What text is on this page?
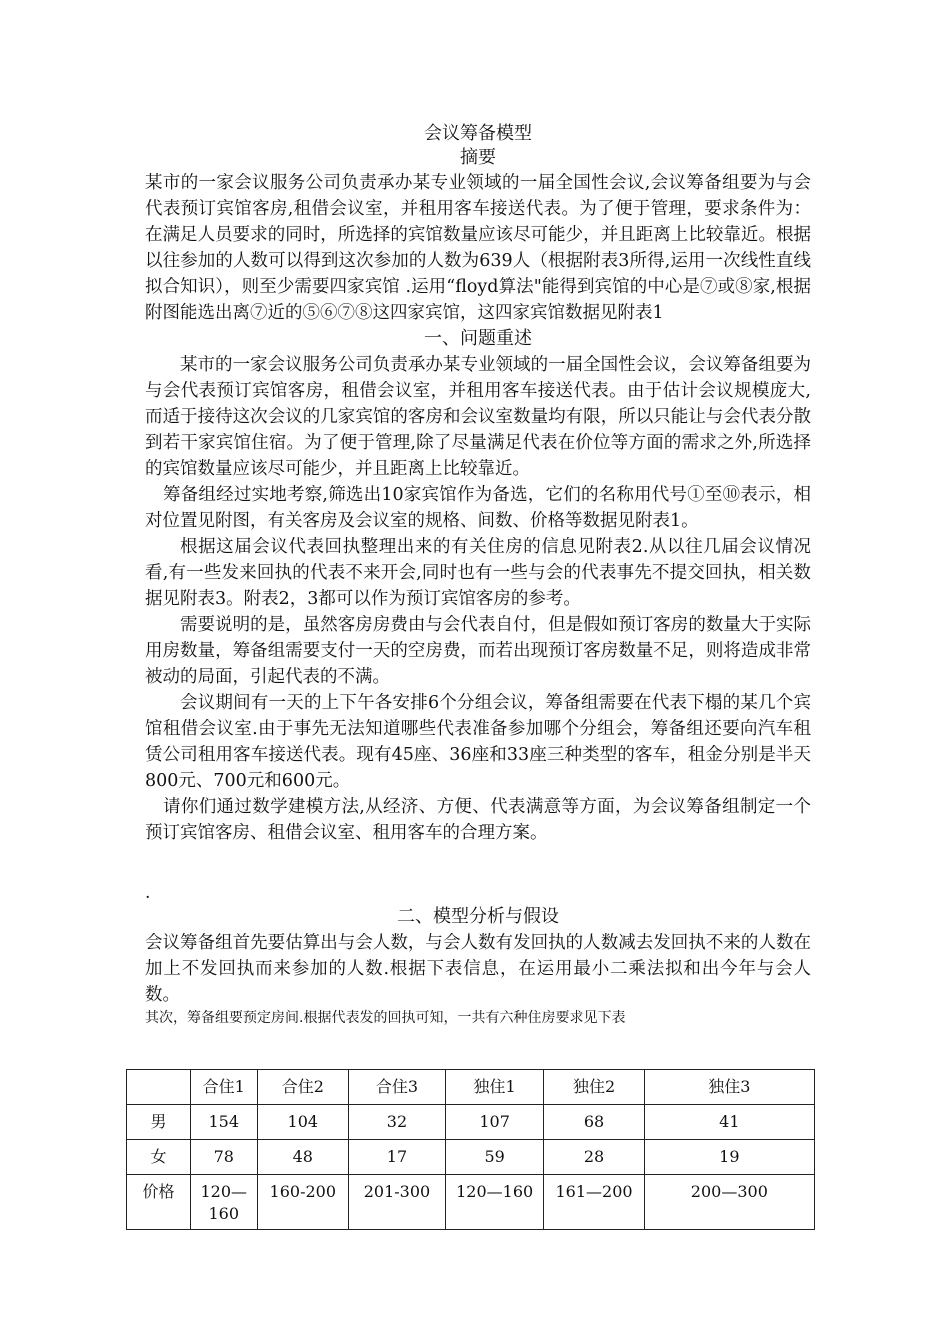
会议筹备模型

摘要

某市的一家会议服务公司负责承办某专业领域的一届全国性会议,会议筹备组要为与会代表预订宾馆客房,租借会议室，并租用客车接送代表。为了便于管理，要求条件为：在满足人员要求的同时，所选择的宾馆数量应该尽可能少，并且距离上比较靠近。根据以往参加的人数可以得到这次参加的人数为639人（根据附表3所得,运用一次线性直线拟合知识），则至少需要四家宾馆 .运用“floyd算法"能得到宾馆的中心是⑦或⑧家,根据附图能选出离⑦近的⑤⑥⑦⑧这四家宾馆，这四家宾馆数据见附表1

一、问题重述

某市的一家会议服务公司负责承办某专业领域的一届全国性会议，会议筹备组要为与会代表预订宾馆客房，租借会议室，并租用客车接送代表。由于估计会议规模庞大,而适于接待这次会议的几家宾馆的客房和会议室数量均有限，所以只能让与会代表分散到若干家宾馆住宿。为了便于管理,除了尽量满足代表在价位等方面的需求之外,所选择的宾馆数量应该尽可能少，并且距离上比较靠近。

筹备组经过实地考察,筛选出10家宾馆作为备选，它们的名称用代号①至⑩表示，相对位置见附图，有关客房及会议室的规格、间数、价格等数据见附表1。

根据这届会议代表回执整理出来的有关住房的信息见附表2.从以往几届会议情况看,有一些发来回执的代表不来开会,同时也有一些与会的代表事先不提交回执，相关数据见附表3。附表2，3都可以作为预订宾馆客房的参考。

需要说明的是，虽然客房房费由与会代表自付，但是假如预订客房的数量大于实际用房数量，筹备组需要支付一天的空房费，而若出现预订客房数量不足，则将造成非常被动的局面，引起代表的不满。

会议期间有一天的上下午各安排6个分组会议，筹备组需要在代表下榻的某几个宾馆租借会议室.由于事先无法知道哪些代表准备参加哪个分组会，筹备组还要向汽车租赁公司租用客车接送代表。现有45座、36座和33座三种类型的客车，租金分别是半天800元、700元和600元。

请你们通过数学建模方法,从经济、方便、代表满意等方面，为会议筹备组制定一个预订宾馆客房、租借会议室、租用客车的合理方案。

.

二、模型分析与假设

会议筹备组首先要估算出与会人数，与会人数有发回执的人数减去发回执不来的人数在加上不发回执而来参加的人数.根据下表信息，在运用最小二乘法拟和出今年与会人数。

其次，筹备组要预定房间.根据代表发的回执可知，一共有六种住房要求见下表

	合住1	合住2	合住3	独住1	独住2	独住3
男	154	104	32	107	68	41
女	78	48	17	59	28	19
价格	120—160	160-200	201-300	120—160	161—200	200—300
